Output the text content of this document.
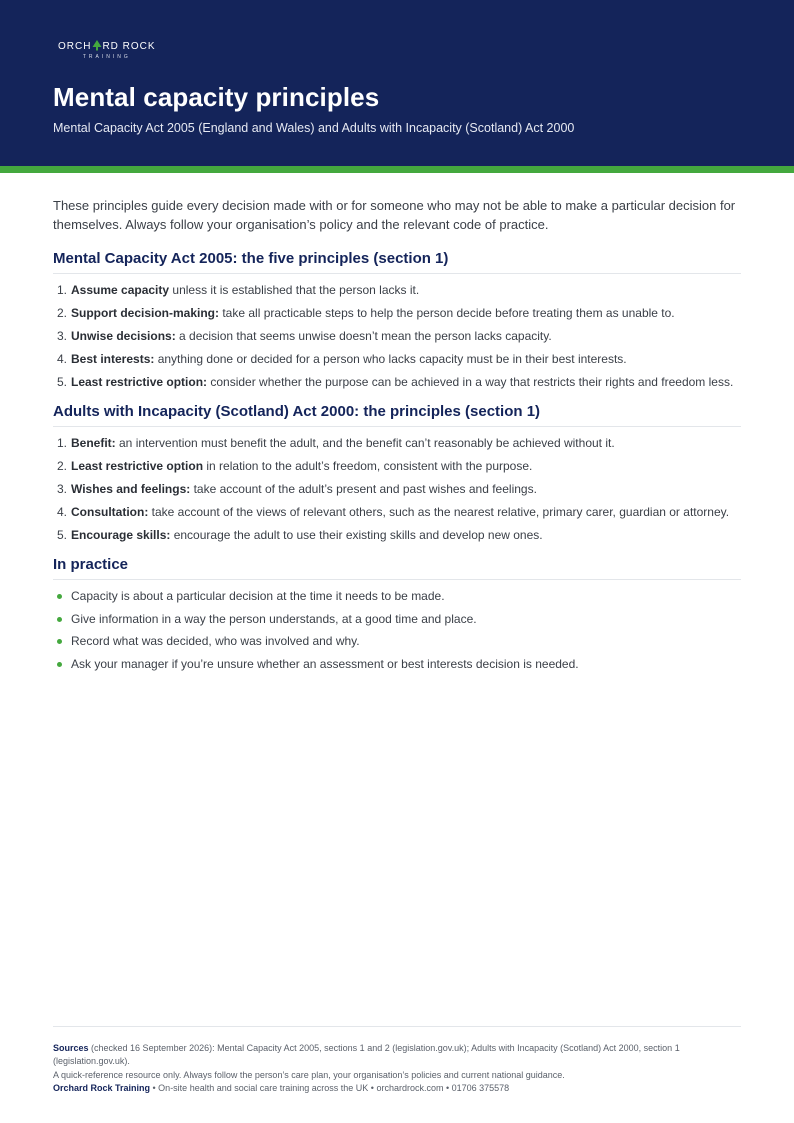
ORCH RD ROCK
TRAINING
Mental capacity principles
Mental Capacity Act 2005 (England and Wales) and Adults with Incapacity (Scotland) Act 2000

These principles guide every decision made with or for someone who may not be able to make a particular decision for themselves. Always follow your organisation’s policy and the relevant code of practice.

Mental Capacity Act 2005: the five principles (section 1)
1. Assume capacity unless it is established that the person lacks it.
2. Support decision-making: take all practicable steps to help the person decide before treating them as unable to.
3. Unwise decisions: a decision that seems unwise doesn’t mean the person lacks capacity.
4. Best interests: anything done or decided for a person who lacks capacity must be in their best interests.
5. Least restrictive option: consider whether the purpose can be achieved in a way that restricts their rights and freedom less.
Adults with Incapacity (Scotland) Act 2000: the principles (section 1)
1. Benefit: an intervention must benefit the adult, and the benefit can’t reasonably be achieved without it.
2. Least restrictive option in relation to the adult’s freedom, consistent with the purpose.
3. Wishes and feelings: take account of the adult’s present and past wishes and feelings.
4. Consultation: take account of the views of relevant others, such as the nearest relative, primary carer, guardian or attorney.
5. Encourage skills: encourage the adult to use their existing skills and develop new ones.
In practice
Capacity is about a particular decision at the time it needs to be made.
Give information in a way the person understands, at a good time and place.
Record what was decided, who was involved and why.
Ask your manager if you’re unsure whether an assessment or best interests decision is needed.

Sources (checked 16 September 2026): Mental Capacity Act 2005, sections 1 and 2 (legislation.gov.uk); Adults with Incapacity (Scotland) Act 2000, section 1 (legislation.gov.uk).

A quick-reference resource only. Always follow the person’s care plan, your organisation’s policies and current national guidance.

Orchard Rock Training • On-site health and social care training across the UK • orchardrock.com • 01706 375578
